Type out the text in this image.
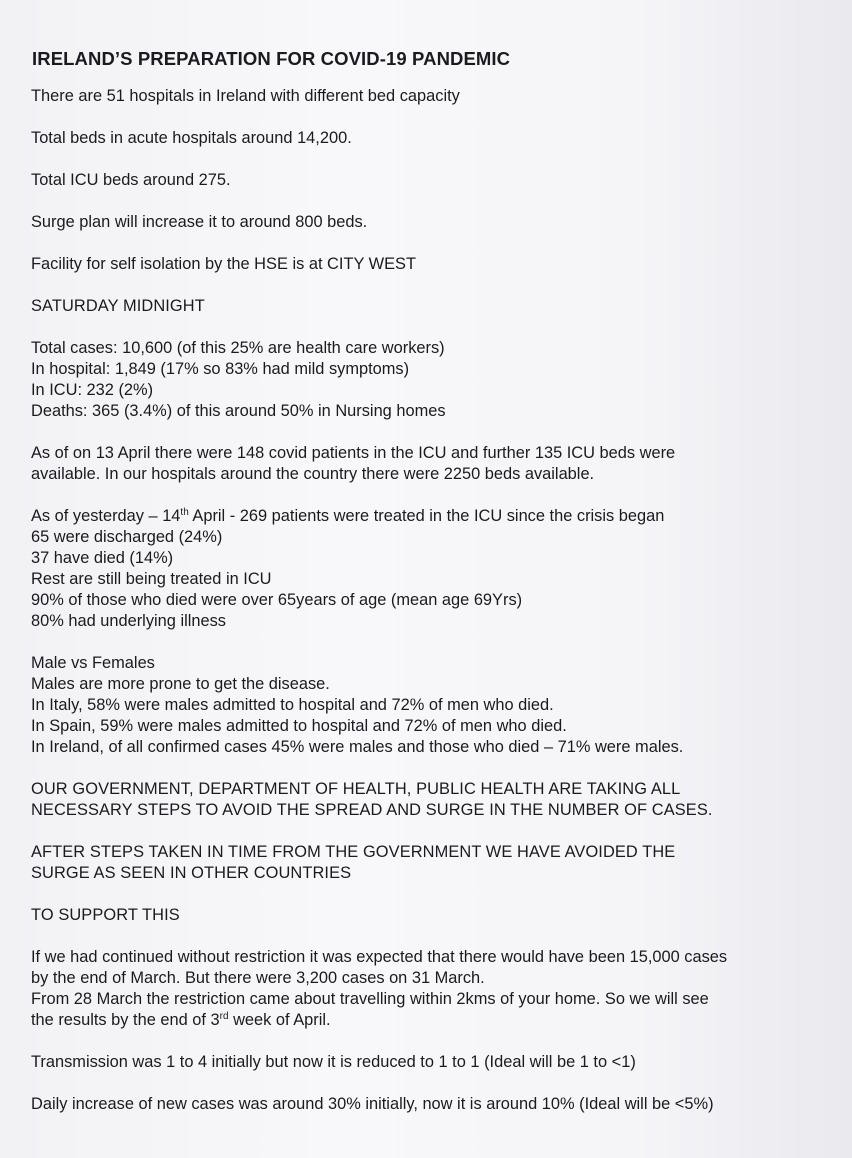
IRELAND’S PREPARATION FOR COVID-19 PANDEMIC
There are 51 hospitals in Ireland with different bed capacity
Total beds in acute hospitals around 14,200.
Total ICU beds around 275.
Surge plan will increase it to around 800 beds.
Facility for self isolation by the HSE is at CITY WEST
SATURDAY MIDNIGHT
Total cases: 10,600 (of this 25% are health care workers)
In hospital: 1,849 (17% so 83% had mild symptoms)
In ICU: 232 (2%)
Deaths: 365 (3.4%) of this around 50% in Nursing homes
As of on 13 April there were 148 covid patients in the ICU and further 135 ICU beds were
available. In our hospitals around the country there were 2250 beds available.
As of yesterday – 14th April - 269 patients were treated in the ICU since the crisis began
65 were discharged (24%)
37 have died (14%)
Rest are still being treated in ICU
90% of those who died were over 65years of age (mean age 69Yrs)
80% had underlying illness
Male vs Females
Males are more prone to get the disease.
In Italy, 58% were males admitted to hospital and 72% of men who died.
In Spain, 59% were males admitted to hospital and 72% of men who died.
In Ireland, of all confirmed cases 45% were males and those who died – 71% were males.
OUR GOVERNMENT, DEPARTMENT OF HEALTH, PUBLIC HEALTH ARE TAKING ALL
NECESSARY STEPS TO AVOID THE SPREAD AND SURGE IN THE NUMBER OF CASES.
AFTER STEPS TAKEN IN TIME FROM THE GOVERNMENT WE HAVE AVOIDED THE
SURGE AS SEEN IN OTHER COUNTRIES
TO SUPPORT THIS
If we had continued without restriction it was expected that there would have been 15,000 cases
by the end of March. But there were 3,200 cases on 31 March.
From 28 March the restriction came about travelling within 2kms of your home. So we will see
the results by the end of 3rd week of April.
Transmission was 1 to 4 initially but now it is reduced to 1 to 1 (Ideal will be 1 to <1)
Daily increase of new cases was around 30% initially, now it is around 10% (Ideal will be <5%)
